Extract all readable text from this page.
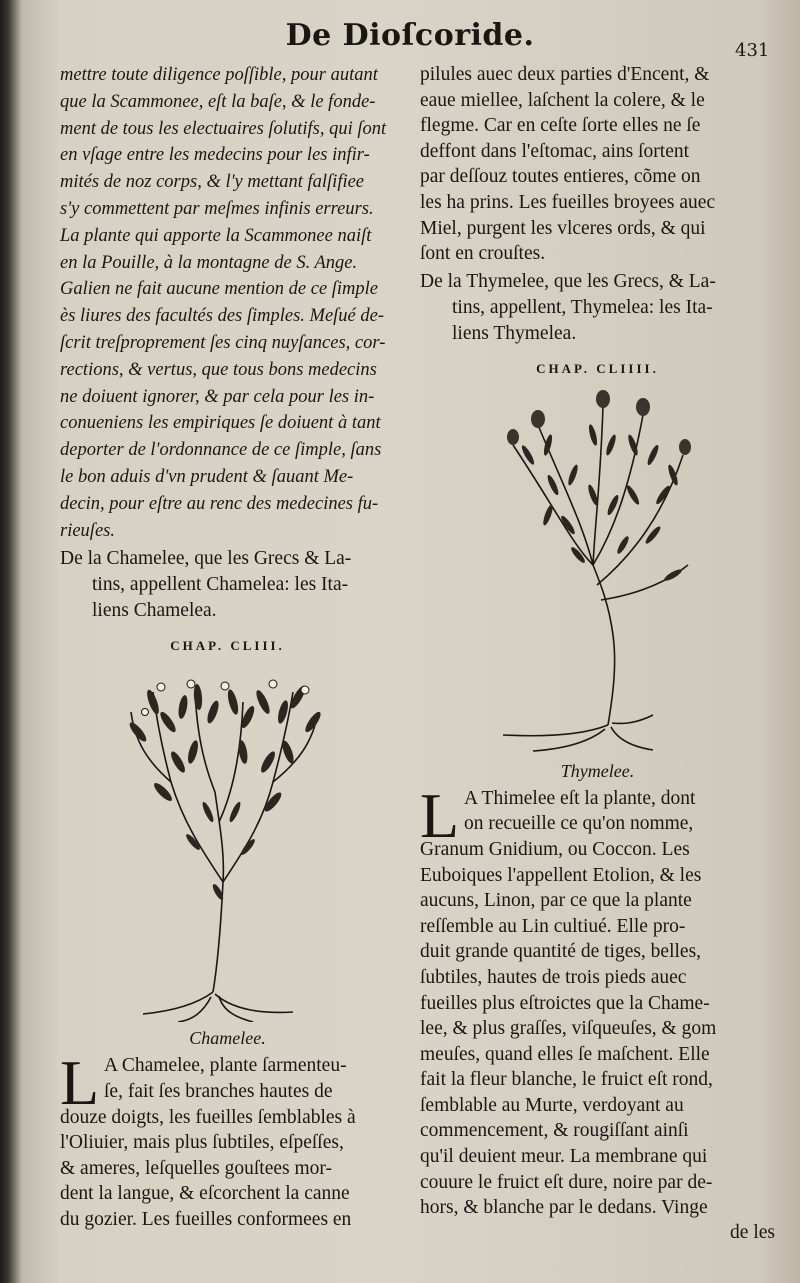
De Dioſcoride.	431

mettre toute diligence poſſible, pour autant

que la Scammonee, eſt la baſe, & le fonde-

ment de tous les electuaires ſolutifs, qui ſont

en vſage entre les medecins pour les infir-

mités de noz corps, & l'y mettant falſifiee

s'y commettent par meſmes infinis erreurs.

La plante qui apporte la Scammonee naiſt

en la Pouille, à la montagne de S. Ange.

Galien ne fait aucune mention de ce ſimple

ès liures des facultés des ſimples. Meſué de-

ſcrit treſproprement ſes cinq nuyſances, cor-

rections, & vertus, que tous bons medecins

ne doiuent ignorer, & par cela pour les in-

conueniens les empiriques ſe doiuent à tant

deporter de l'ordonnance de ce ſimple, ſans

le bon aduis d'vn prudent & ſauant Me-

decin, pour eſtre au renc des medecines fu-

rieuſes.

De la Chamelee, que les Grecs & La-
tins, appellent Chamelea: les Ita-
liens Chamelea.
CHAP. CLIII.
Chamelee.
L A Chamelee, plante ſarmenteu-

ſe, fait ſes branches hautes de

douze doigts, les fueilles ſemblables à

l'Oliuier, mais plus ſubtiles, eſpeſſes,

& ameres, leſquelles gouſtees mor-

dent la langue, & eſcorchent la canne

du gozier. Les fueilles conformees en

pilules auec deux parties d'Encent, &

eaue miellee, laſchent la colere, & le

flegme. Car en ceſte ſorte elles ne ſe

deffont dans l'eſtomac, ains ſortent

par deſſouz toutes entieres, cõme on

les ha prins. Les fueilles broyees auec

Miel, purgent les vlceres ords, & qui

ſont en crouſtes.

De la Thymelee, que les Grecs, & La-
tins, appellent, Thymelea: les Ita-
liens Thymelea.
CHAP. CLIIII.
Thymelee.
L A Thimelee eſt la plante, dont

on recueille ce qu'on nomme,

Granum Gnidium, ou Coccon. Les

Euboiques l'appellent Etolion, & les

aucuns, Linon, par ce que la plante

reſſemble au Lin cultiué. Elle pro-

duit grande quantité de tiges, belles,

ſubtiles, hautes de trois pieds auec

fueilles plus eſtroictes que la Chame-

lee, & plus graſſes, viſqueuſes, & gom

meuſes, quand elles ſe maſchent. Elle

fait la fleur blanche, le fruict eſt rond,

ſemblable au Murte, verdoyant au

commencement, & rougiſſant ainſi

qu'il deuient meur. La membrane qui

couure le fruict eſt dure, noire par de-

hors, & blanche par le dedans. Vinge

de les
